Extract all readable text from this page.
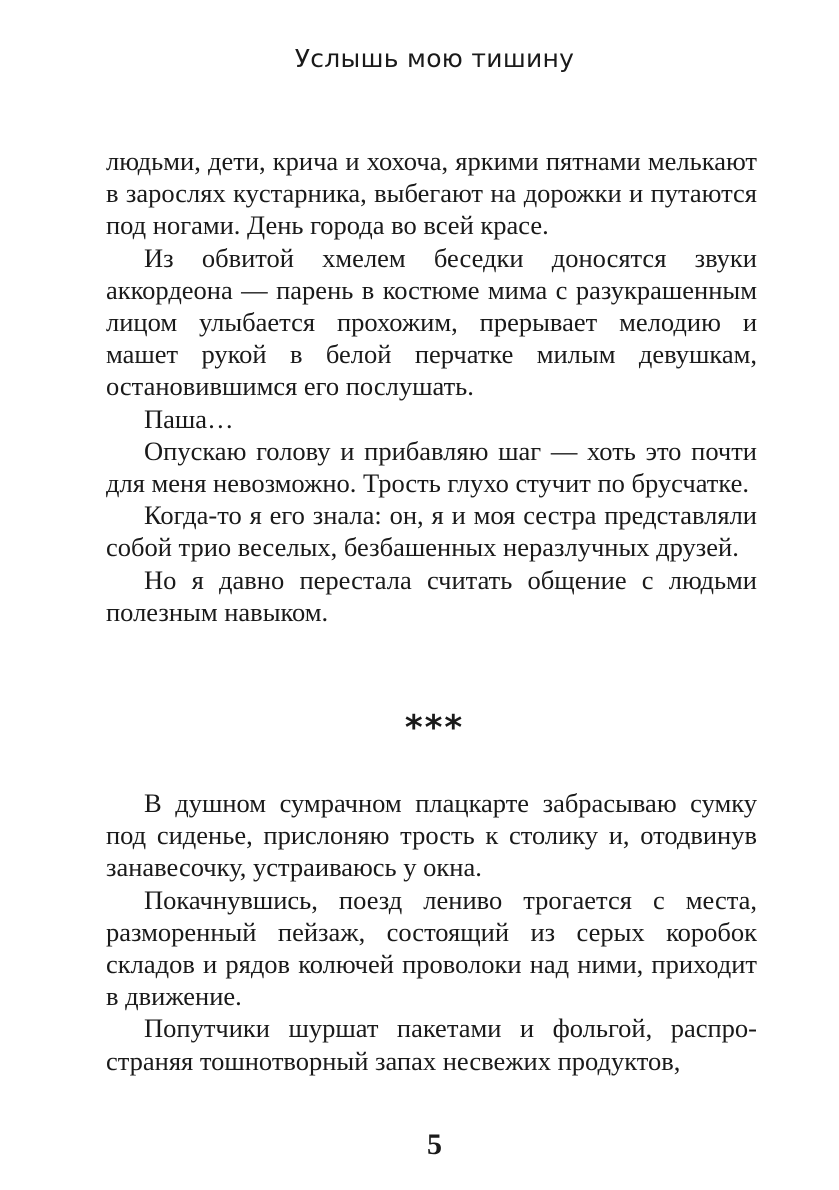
Услышь мою тишину

людьми, дети, крича и хохоча, яркими пятнами мелькают в зарослях кустарника, выбегают на дорожки и путаются под ногами. День города во всей красе.

Из обвитой хмелем беседки доносятся звуки аккордеона — парень в костюме мима с разукрашенным лицом улыбается прохожим, прерывает мелодию и машет рукой в белой перчатке милым девушкам, остановившимся его послушать.

Паша…

Опускаю голову и прибавляю шаг — хоть это почти для меня невозможно. Трость глухо стучит по брусчатке.

Когда-то я его знала: он, я и моя сестра представляли собой трио веселых, безбашенных неразлучных друзей.

Но я давно перестала считать общение с людьми полезным навыком.

***

В душном сумрачном плацкарте забрасываю сумку под сиденье, прислоняю трость к столику и, отодвинув занавесочку, устраиваюсь у окна.

Покачнувшись, поезд лениво трогается с места, разморенный пейзаж, состоящий из серых коробок складов и рядов колючей проволоки над ними, приходит в движение.

Попутчики шуршат пакетами и фольгой, распространяя тошнотворный запах несвежих продуктов,

5
